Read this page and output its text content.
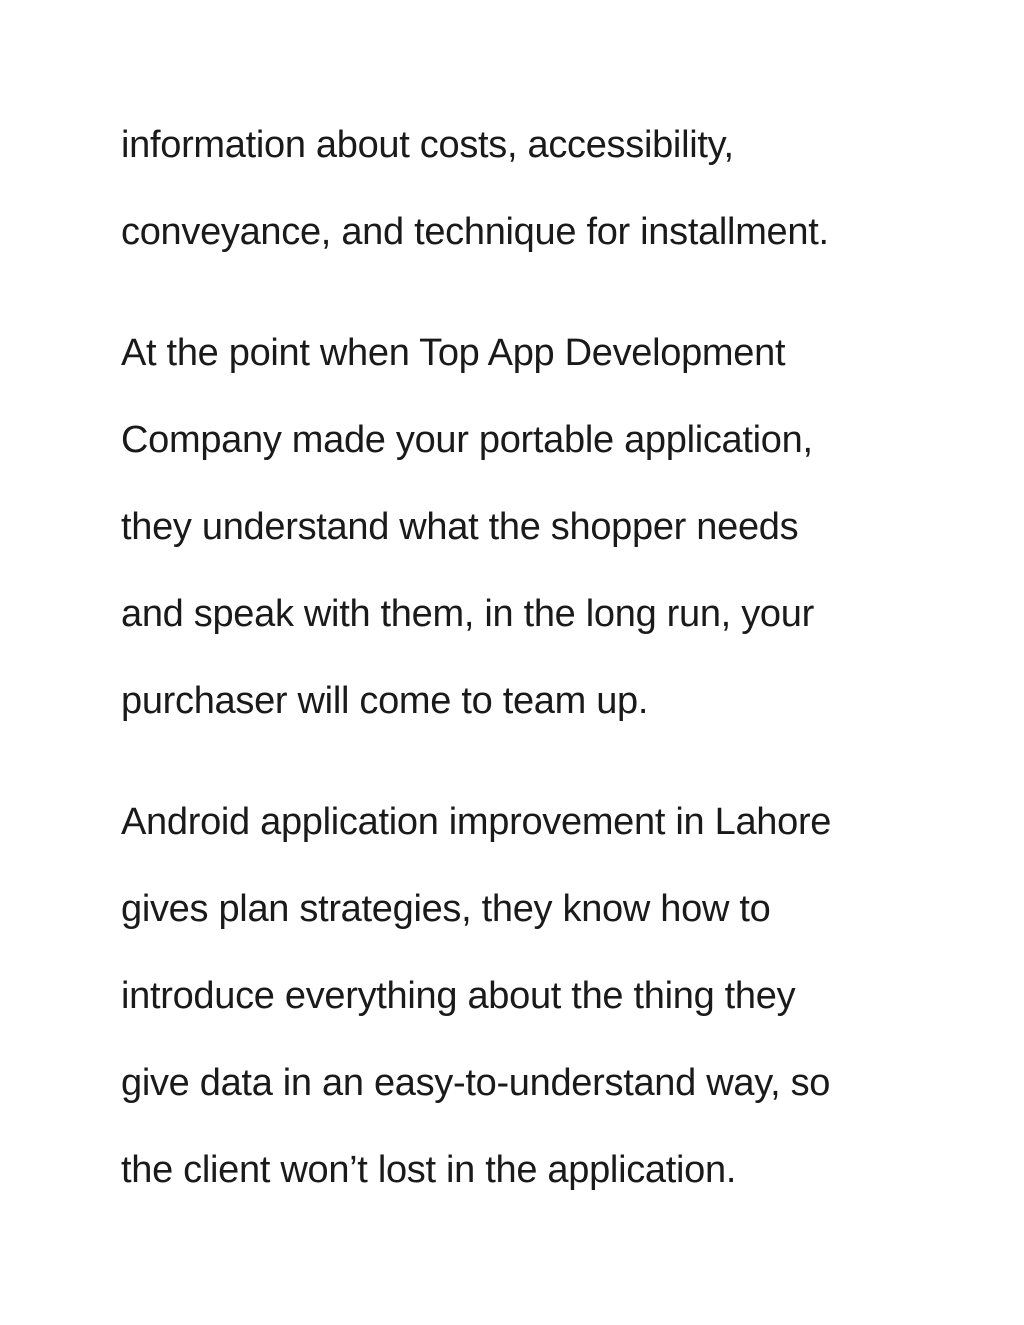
information about costs, accessibility,
conveyance, and technique for installment.
At the point when Top App Development
Company made your portable application,
they understand what the shopper needs
and speak with them, in the long run, your
purchaser will come to team up.
Android application improvement in Lahore
gives plan strategies, they know how to
introduce everything about the thing they
give data in an easy-to-understand way, so
the client won’t lost in the application.
